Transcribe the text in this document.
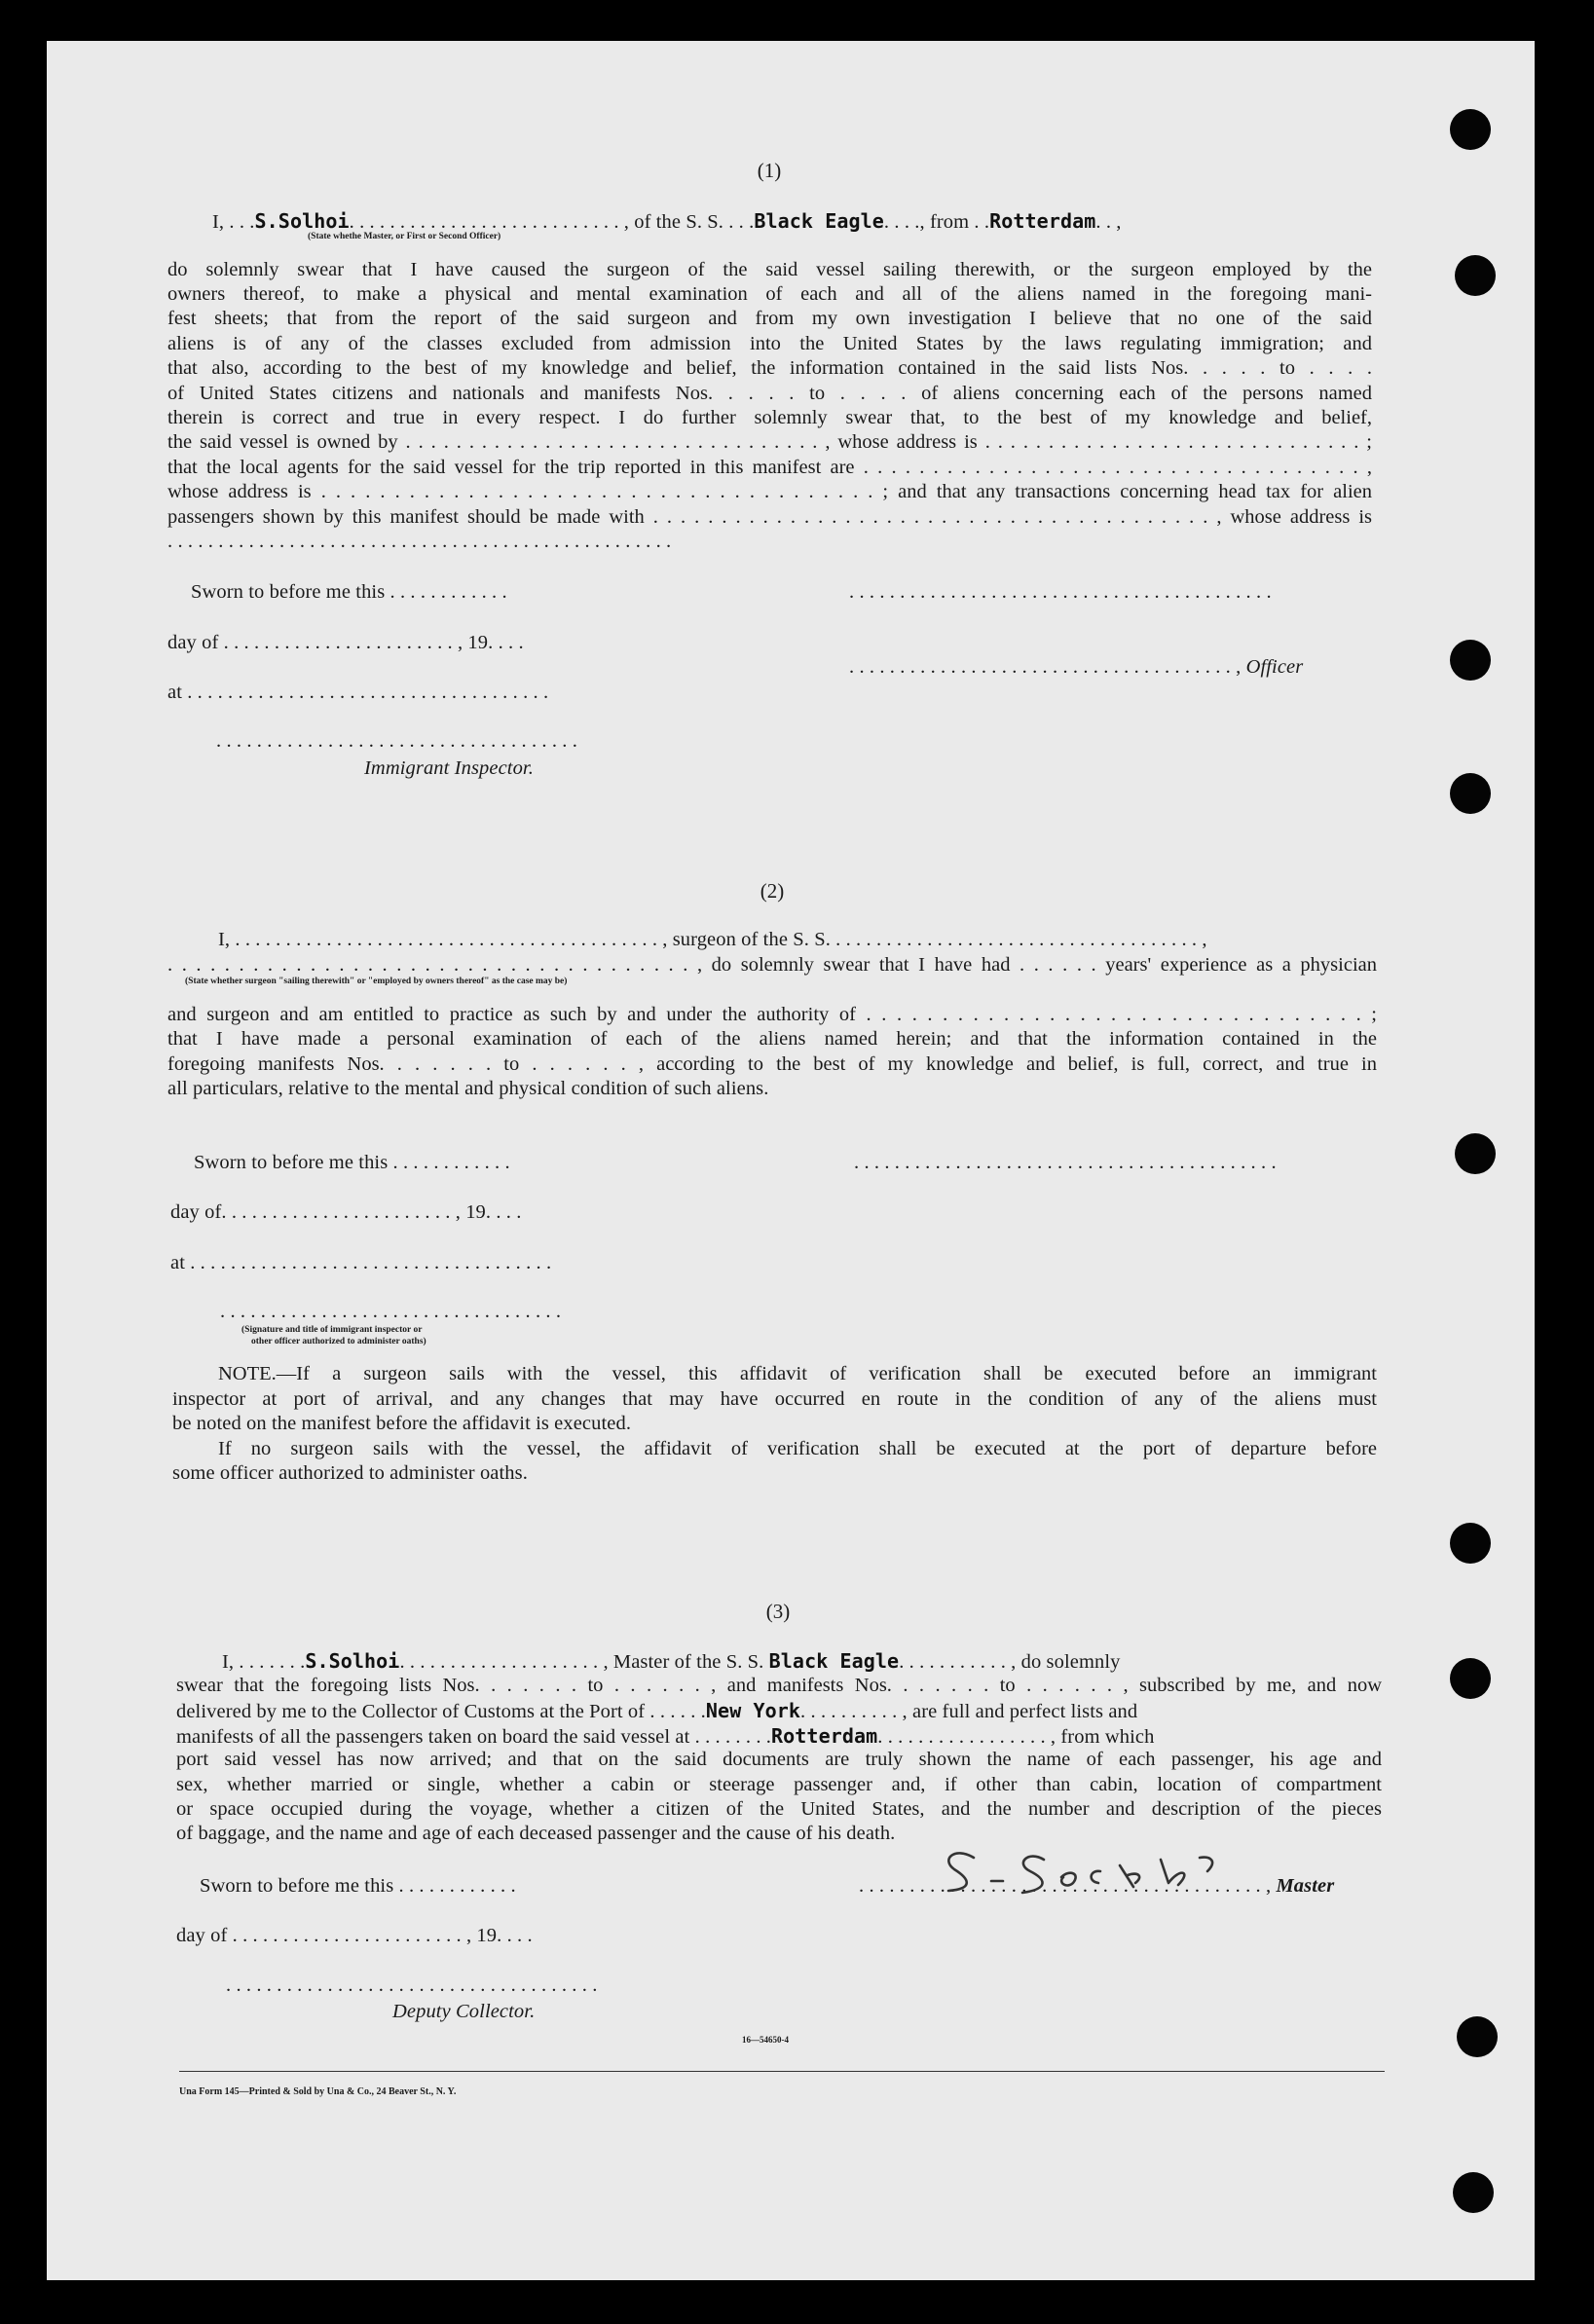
(1)
I, . . .S.Solhoi. . . . . . . . . . . . . . . . . . . . . . . . . . . , of the S. S. . . .Black Eagle. . . ., from . .Rotterdam. . ,
(State whethe Master, or First or Second Officer)
do solemnly swear that I have caused the surgeon of the said vessel sailing therewith, or the surgeon employed by the
owners thereof, to make a physical and mental examination of each and all of the aliens named in the foregoing mani-
fest sheets; that from the report of the said surgeon and from my own investigation I believe that no one of the said
aliens is of any of the classes excluded from admission into the United States by the laws regulating immigration; and
that also, according to the best of my knowledge and belief, the information contained in the said lists Nos. . . . . to . . . .
of United States citizens and nationals and manifests Nos. . . . . to . . . . of aliens concerning each of the persons named
therein is correct and true in every respect. I do further solemnly swear that, to the best of my knowledge and belief,
the said vessel is owned by . . . . . . . . . . . . . . . . . . . . . . . . . . . . . . . . . , whose address is . . . . . . . . . . . . . . . . . . . . . . . . . . . . . . ;
that the local agents for the said vessel for the trip reported in this manifest are . . . . . . . . . . . . . . . . . . . . . . . . . . . . . . . . . . . . ,
whose address is . . . . . . . . . . . . . . . . . . . . . . . . . . . . . . . . . . . . . . ; and that any transactions concerning head tax for alien
passengers shown by this manifest should be made with . . . . . . . . . . . . . . . . . . . . . . . . . . . . . . . . . . . . . . . . . , whose address is
. . . . . . . . . . . . . . . . . . . . . . . . . . . . . . . . . . . . . . . . . . . . . . . . . .
Sworn to before me this . . . . . . . . . . . .	. . . . . . . . . . . . . . . . . . . . . . . . . . . . . . . . . . . . . . . . . .
day of . . . . . . . . . . . . . . . . . . . . . . . , 19. . . .
. . . . . . . . . . . . . . . . . . . . . . . . . . . . . . . . . . . . . . , Officer
at . . . . . . . . . . . . . . . . . . . . . . . . . . . . . . . . . . . .
. . . . . . . . . . . . . . . . . . . . . . . . . . . . . . . . . . . .
Immigrant Inspector.
(2)
I, . . . . . . . . . . . . . . . . . . . . . . . . . . . . . . . . . . . . . . . . . . , surgeon of the S. S. . . . . . . . . . . . . . . . . . . . . . . . . . . . . . . . . . . . . ,
. . . . . . . . . . . . . . . . . . . . . . . . . . . . . . . . . . . . . , do solemnly swear that I have had . . . . . . years' experience as a physician
(State whether surgeon "sailing therewith" or "employed by owners thereof" as the case may be)
and surgeon and am entitled to practice as such by and under the authority of . . . . . . . . . . . . . . . . . . . . . . . . . . . . . . . . . ;
that I have made a personal examination of each of the aliens named herein; and that the information contained in the
foregoing manifests Nos. . . . . . . to . . . . . . , according to the best of my knowledge and belief, is full, correct, and true in
all particulars, relative to the mental and physical condition of such aliens.
Sworn to before me this . . . . . . . . . . . .	. . . . . . . . . . . . . . . . . . . . . . . . . . . . . . . . . . . . . . . . . .
day of. . . . . . . . . . . . . . . . . . . . . . . , 19. . . .
at . . . . . . . . . . . . . . . . . . . . . . . . . . . . . . . . . . . .
. . . . . . . . . . . . . . . . . . . . . . . . . . . . . . . . . .
(Signature and title of immigrant inspector or
other officer authorized to administer oaths)
NOTE.—If a surgeon sails with the vessel, this affidavit of verification shall be executed before an immigrant
inspector at port of arrival, and any changes that may have occurred en route in the condition of any of the aliens must
be noted on the manifest before the affidavit is executed.
If no surgeon sails with the vessel, the affidavit of verification shall be executed at the port of departure before
some officer authorized to administer oaths.
(3)
I, . . . . . . .S.Solhoi. . . . . . . . . . . . . . . . . . . . , Master of the S. S. Black Eagle. . . . . . . . . . . , do solemnly
swear that the foregoing lists Nos. . . . . . . to . . . . . . , and manifests Nos. . . . . . . to . . . . . . , subscribed by me, and now
delivered by me to the Collector of Customs at the Port of . . . . . .New York. . . . . . . . . . , are full and perfect lists and
manifests of all the passengers taken on board the said vessel at . . . . . . . .Rotterdam. . . . . . . . . . . . . . . . . , from which
port said vessel has now arrived; and that on the said documents are truly shown the name of each passenger, his age and
sex, whether married or single, whether a cabin or steerage passenger and, if other than cabin, location of compartment
or space occupied during the voyage, whether a citizen of the United States, and the number and description of the pieces
of baggage, and the name and age of each deceased passenger and the cause of his death.
Sworn to before me this . . . . . . . . . . . .	. . . . . . . . . . . . . . . . . . . . . . . . . . . . . . . . . . . . . . . . , Master
day of . . . . . . . . . . . . . . . . . . . . . . . , 19. . . .
. . . . . . . . . . . . . . . . . . . . . . . . . . . . . . . . . . . . .
Deputy Collector.
16—54650-4
Una Form 145—Printed & Sold by Una & Co., 24 Beaver St., N. Y.
